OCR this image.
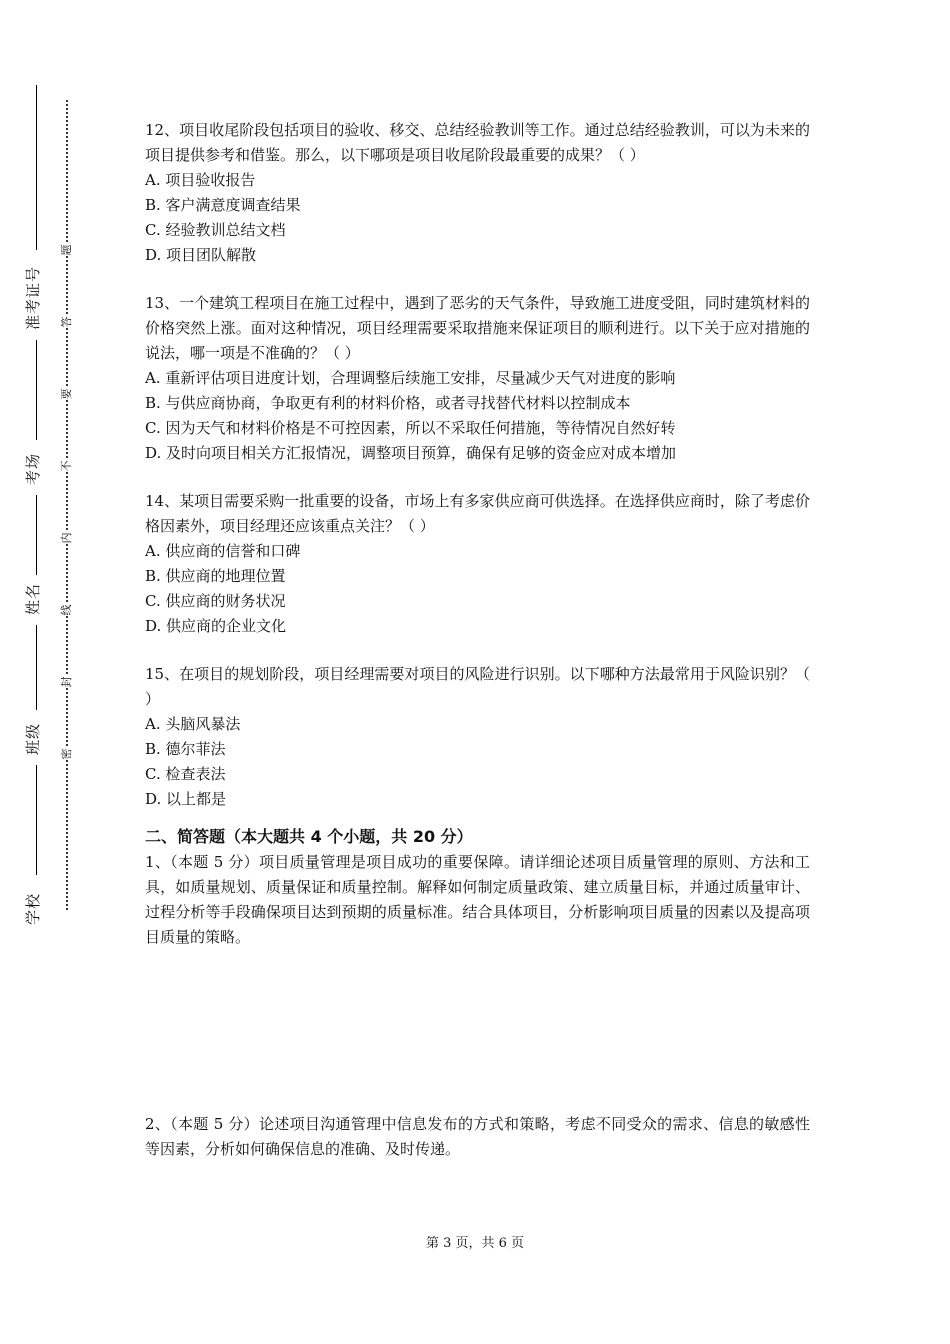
准考证号
考场
姓名
班级
学校
题
答
要
不
内
线
封
密

12、项目收尾阶段包括项目的验收、移交、总结经验教训等工作。通过总结经验教训，可以为未来的项目提供参考和借鉴。那么，以下哪项是项目收尾阶段最重要的成果？（ ）

A. 项目验收报告

B. 客户满意度调查结果

C. 经验教训总结文档

D. 项目团队解散

13、一个建筑工程项目在施工过程中，遇到了恶劣的天气条件，导致施工进度受阻，同时建筑材料的价格突然上涨。面对这种情况，项目经理需要采取措施来保证项目的顺利进行。以下关于应对措施的说法，哪一项是不准确的？（ ）

A. 重新评估项目进度计划，合理调整后续施工安排，尽量减少天气对进度的影响

B. 与供应商协商，争取更有利的材料价格，或者寻找替代材料以控制成本

C. 因为天气和材料价格是不可控因素，所以不采取任何措施，等待情况自然好转

D. 及时向项目相关方汇报情况，调整项目预算，确保有足够的资金应对成本增加

14、某项目需要采购一批重要的设备，市场上有多家供应商可供选择。在选择供应商时，除了考虑价格因素外，项目经理还应该重点关注？（ ）

A. 供应商的信誉和口碑

B. 供应商的地理位置

C. 供应商的财务状况

D. 供应商的企业文化

15、在项目的规划阶段，项目经理需要对项目的风险进行识别。以下哪种方法最常用于风险识别？（ ）

A. 头脑风暴法

B. 德尔菲法

C. 检查表法

D. 以上都是

二、简答题（本大题共 4 个小题，共 20 分）

1、（本题 5 分）项目质量管理是项目成功的重要保障。请详细论述项目质量管理的原则、方法和工具，如质量规划、质量保证和质量控制。解释如何制定质量政策、建立质量目标，并通过质量审计、过程分析等手段确保项目达到预期的质量标准。结合具体项目，分析影响项目质量的因素以及提高项目质量的策略。

2、（本题 5 分）论述项目沟通管理中信息发布的方式和策略，考虑不同受众的需求、信息的敏感性等因素，分析如何确保信息的准确、及时传递。

第 3 页，共 6 页
